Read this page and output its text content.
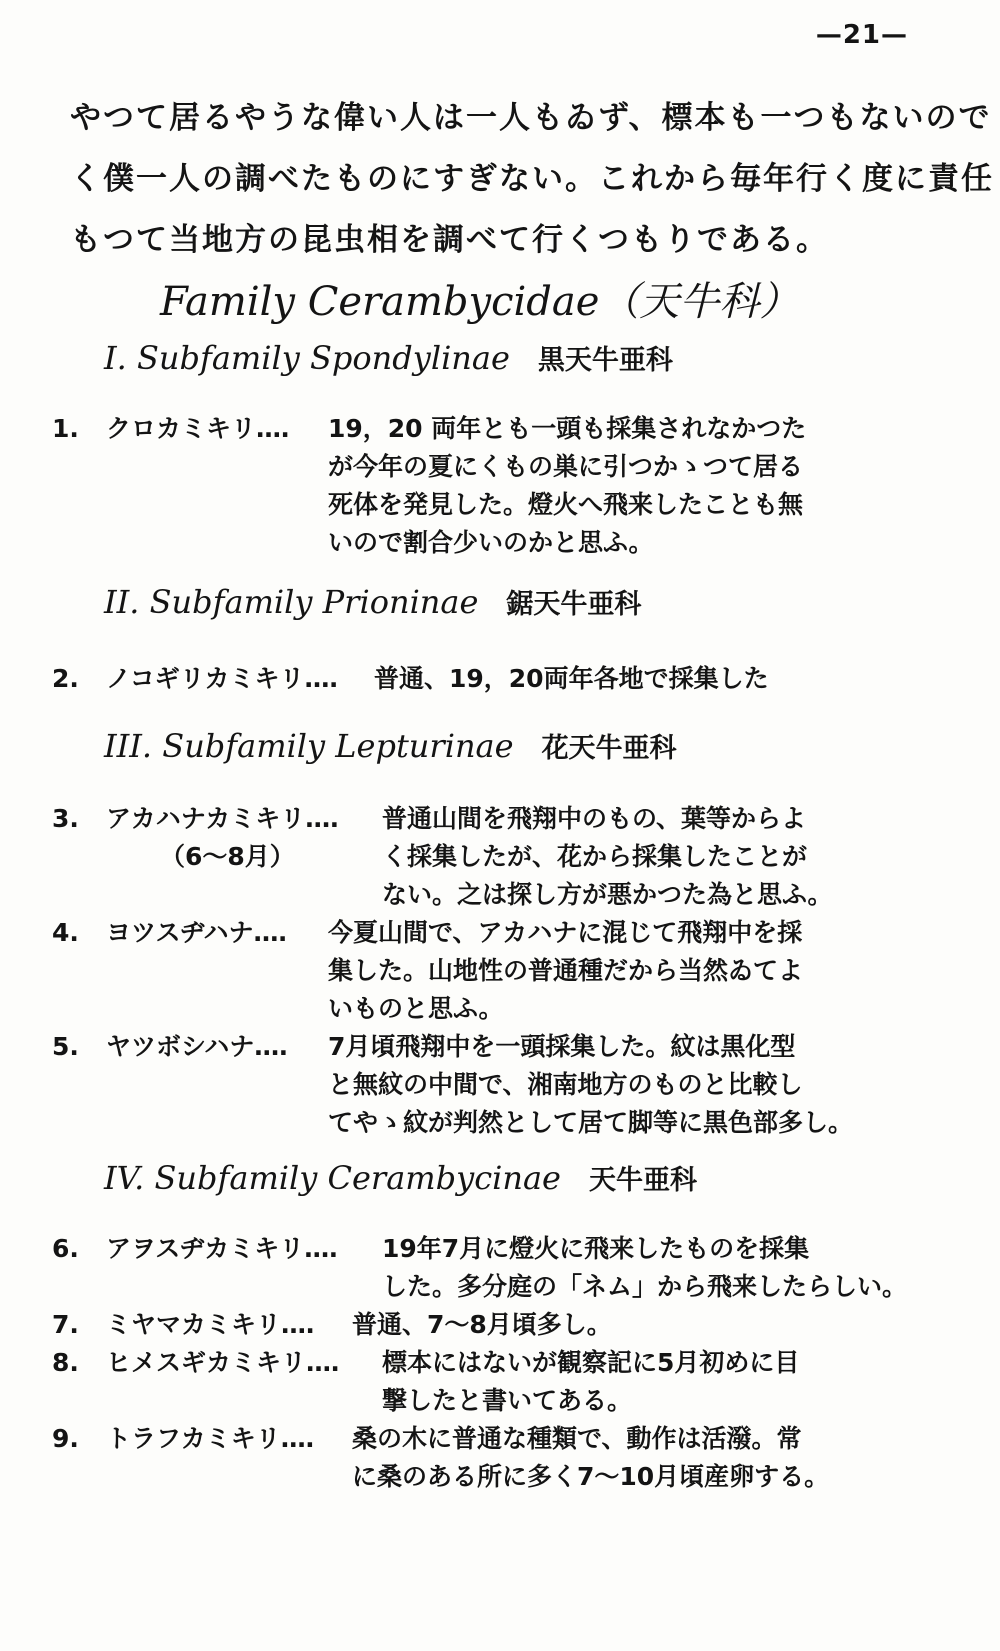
—21—

やつて居るやうな偉い人は一人もゐず、標本も一つもないので

く僕一人の調べたものにすぎない。これから毎年行く度に責任

もつて当地方の昆虫相を調べて行くつもりである。

Family Cerambycidae（天牛科）
I. Subfamily Spondylinae 黒天牛亜科
1. クロカミキリ‥‥ 19，20 両年とも一頭も採集されなかつた
が今年の夏にくもの巣に引つかゝつて居る
死体を発見した。燈火へ飛来したことも無
いので割合少いのかと思ふ。
II. Subfamily Prioninae 鋸天牛亜科
2. ノコギリカミキリ‥‥ 普通、19，20両年各地で採集した
III. Subfamily Lepturinae 花天牛亜科
3. アカハナカミキリ‥‥
（6〜8月）
普通山間を飛翔中のもの、葉等からよ
く採集したが、花から採集したことが
ない。之は探し方が悪かつた為と思ふ。
4. ヨツスヂハナ‥‥ 今夏山間で、アカハナに混じて飛翔中を採
集した。山地性の普通種だから当然ゐてよ
いものと思ふ。
5. ヤツボシハナ‥‥ 7月頃飛翔中を一頭採集した。紋は黒化型
と無紋の中間で、湘南地方のものと比較し
てやゝ紋が判然として居て脚等に黒色部多し。
IV. Subfamily Cerambycinae 天牛亜科
6. アヲスヂカミキリ‥‥ 19年7月に燈火に飛来したものを採集
した。多分庭の「ネム」から飛来したらしい。
7. ミヤマカミキリ‥‥ 普通、7〜8月頃多し。
8. ヒメスギカミキリ‥‥ 標本にはないが観察記に5月初めに目
撃したと書いてある。
9. トラフカミキリ‥‥ 桑の木に普通な種類で、動作は活潑。常
に桑のある所に多く7〜10月頃産卵する。
